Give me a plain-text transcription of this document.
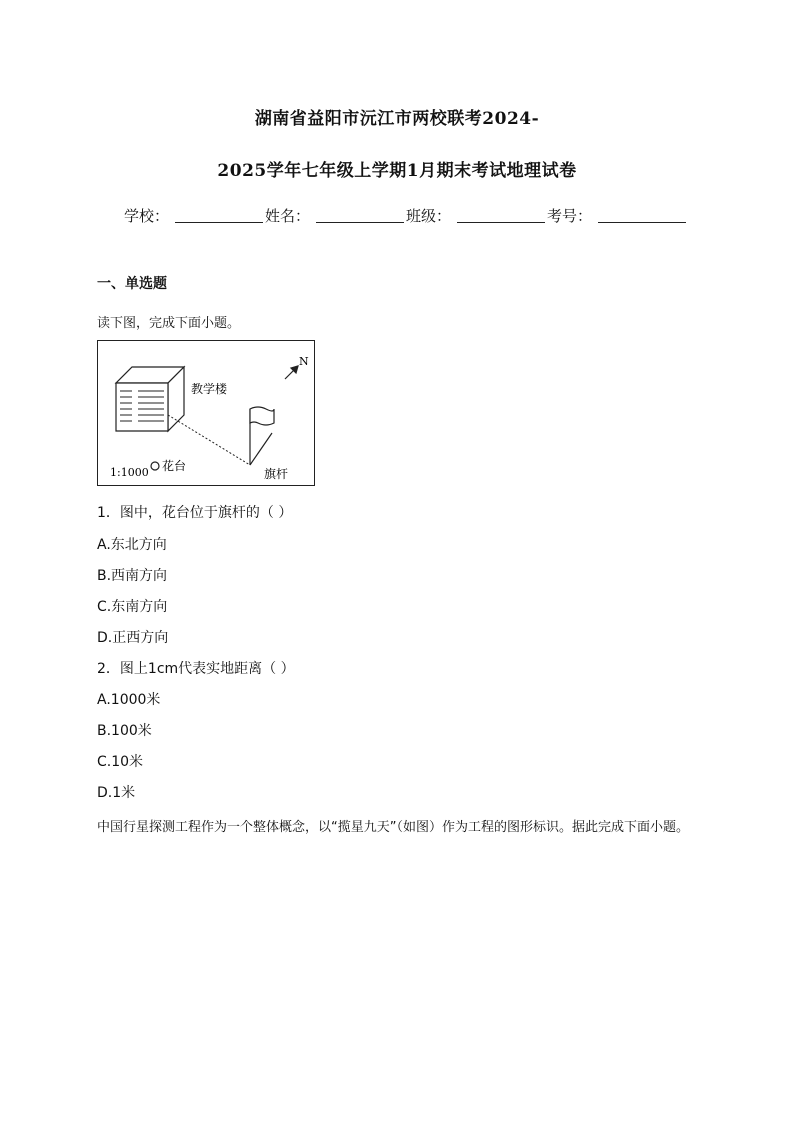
湖南省益阳市沅江市两校联考2024-
2025学年七年级上学期1月期末考试地理试卷
学校：	姓名：	班级：	考号：
一、单选题
读下图，完成下面小题。
N
教学楼
旗杆
1:1000 花台
1．图中，花台位于旗杆的（ ）
A.东北方向
B.西南方向
C.东南方向
D.正西方向
2．图上1cm代表实地距离（ ）
A.1000米
B.100米
C.10米
D.1米
中国行星探测工程作为一个整体概念，以“揽星九天”（如图）作为工程的图形标识。据此完成下面小题。
